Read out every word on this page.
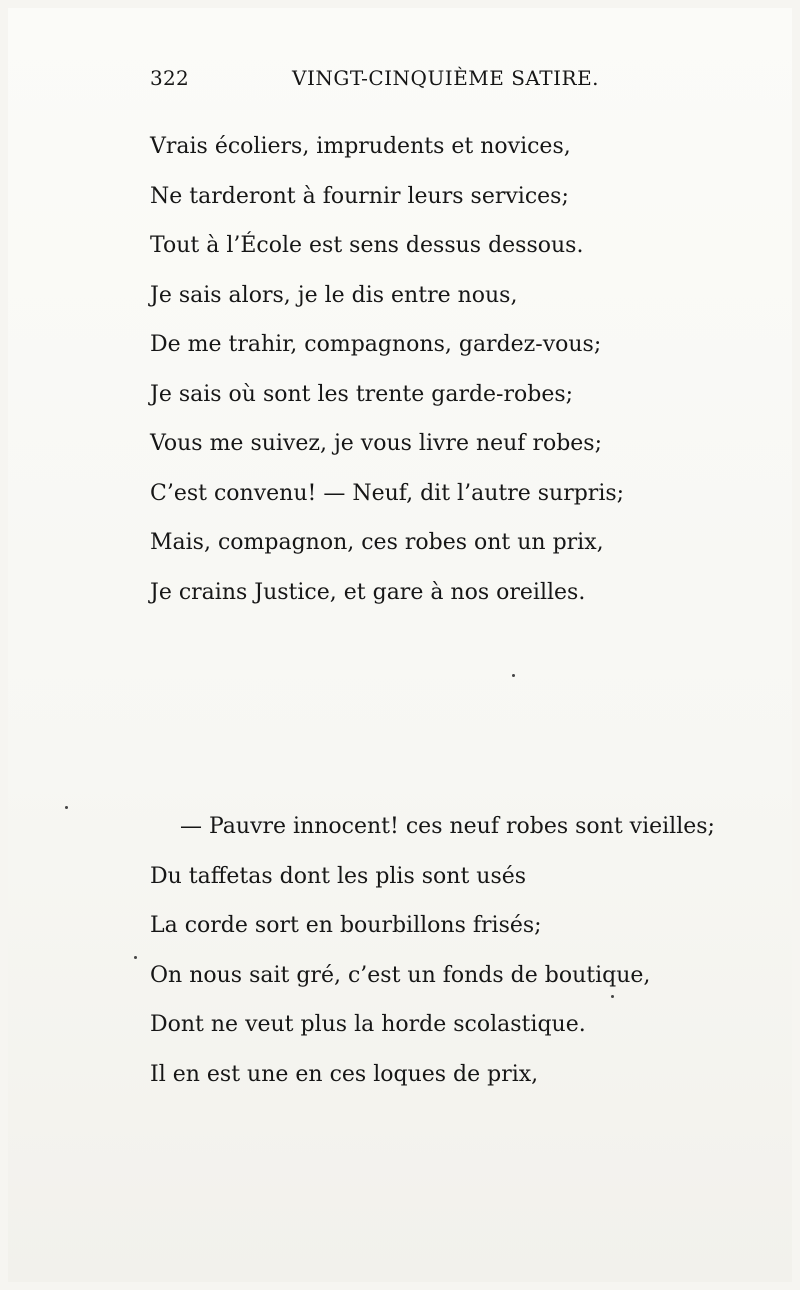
322	VINGT-CINQUIÈME SATIRE.
Vrais écoliers, imprudents et novices,
Ne tarderont à fournir leurs services;
Tout à l’École est sens dessus dessous.
Je sais alors, je le dis entre nous,
De me trahir, compagnons, gardez-vous;
Je sais où sont les trente garde-robes;
Vous me suivez, je vous livre neuf robes;
C’est convenu! — Neuf, dit l’autre surpris;
Mais, compagnon, ces robes ont un prix,
Je crains Justice, et gare à nos oreilles.
— Pauvre innocent! ces neuf robes sont vieilles;
Du taffetas dont les plis sont usés
La corde sort en bourbillons frisés;
On nous sait gré, c’est un fonds de boutique,
Dont ne veut plus la horde scolastique.
Il en est une en ces loques de prix,
